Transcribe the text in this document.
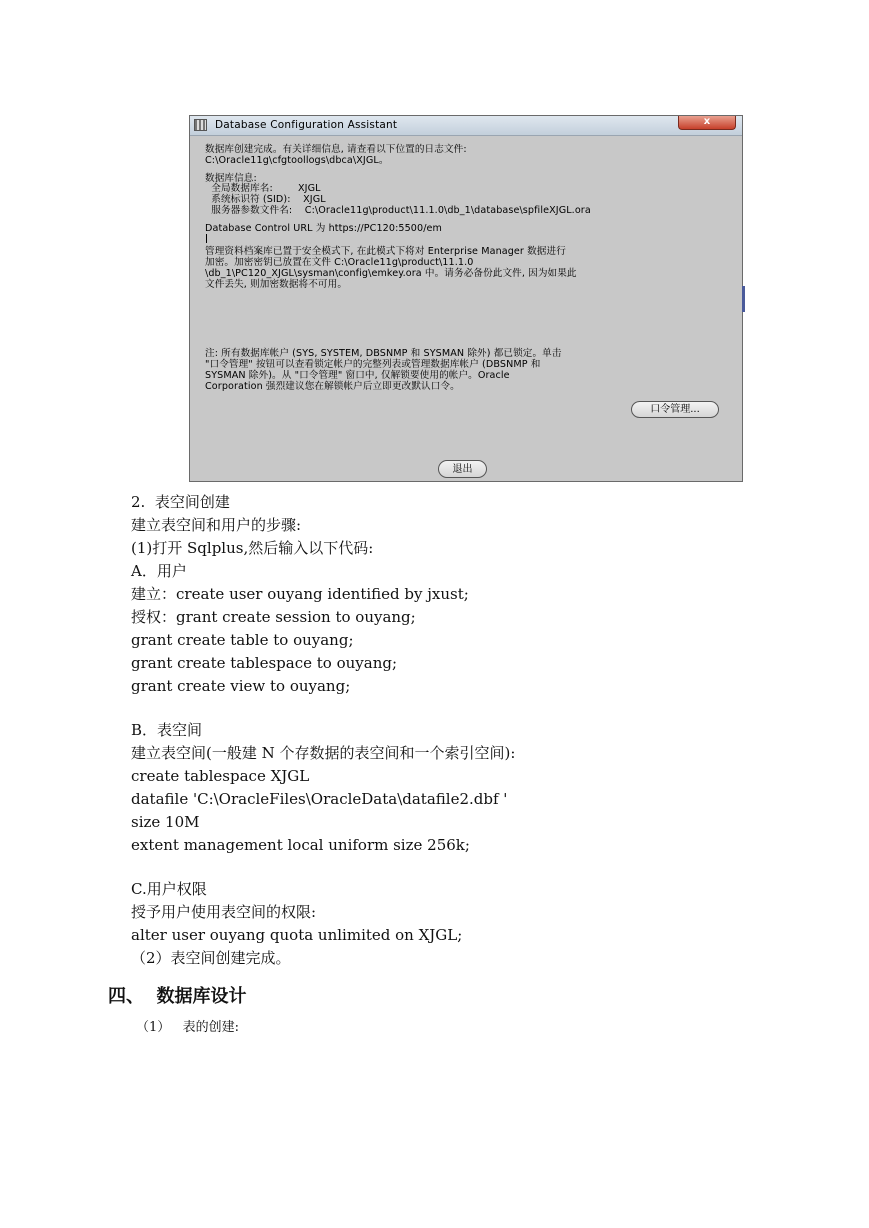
Database Configuration Assistant	x
数据库创建完成。有关详细信息, 请查看以下位置的日志文件:
C:\Oracle11g\cfgtoollogs\dbca\XJGL。
数据库信息:
全局数据库名:        XJGL
系统标识符 (SID):    XJGL
服务器参数文件名:    C:\Oracle11g\product\11.1.0\db_1\database\spfileXJGL.ora
Database Control URL 为 https://PC120:5500/em
管理资料档案库已置于安全模式下, 在此模式下将对 Enterprise Manager 数据进行
加密。加密密钥已放置在文件 C:\Oracle11g\product\11.1.0
\db_1\PC120_XJGL\sysman\config\emkey.ora 中。请务必备份此文件, 因为如果此
文件丢失, 则加密数据将不可用。
注: 所有数据库帐户 (SYS, SYSTEM, DBSNMP 和 SYSMAN 除外) 都已锁定。单击
"口令管理" 按钮可以查看锁定帐户的完整列表或管理数据库帐户 (DBSNMP 和
SYSMAN 除外)。从 "口令管理" 窗口中, 仅解锁要使用的帐户。Oracle
Corporation 强烈建议您在解锁帐户后立即更改默认口令。
口令管理...
退出
2.  表空间创建
建立表空间和用户的步骤:
(1)打开 Sqlplus,然后输入以下代码:
A．用户
建立：create user ouyang identified by jxust;
授权：grant create session to ouyang;
grant create table to ouyang;
grant create tablespace to ouyang;
grant create view to ouyang;
B．表空间
建立表空间(一般建 N 个存数据的表空间和一个索引空间):
create tablespace XJGL
datafile 'C:\OracleFiles\OracleData\datafile2.dbf '
size 10M
extent management local uniform size 256k;
C.用户权限
授予用户使用表空间的权限:
alter user ouyang quota unlimited on XJGL;
（2）表空间创建完成。
四、  数据库设计
（1）   表的创建:
